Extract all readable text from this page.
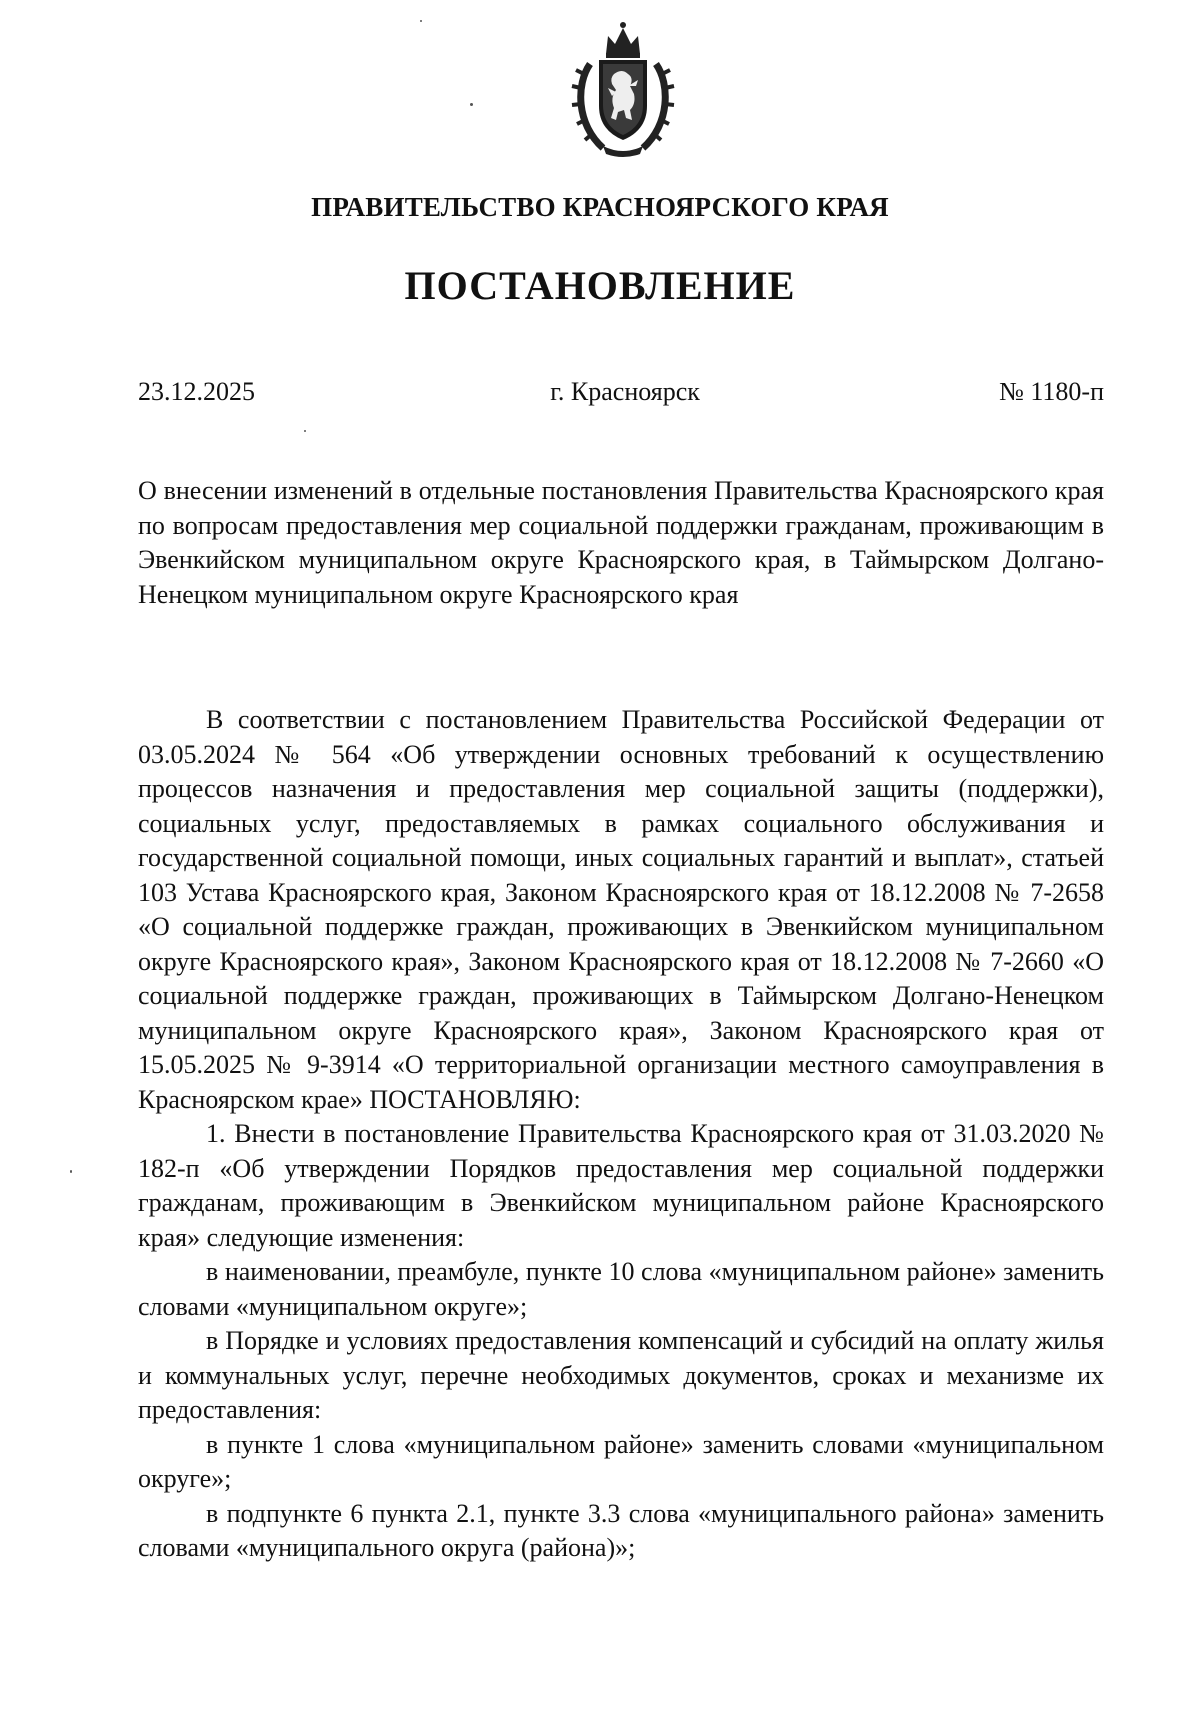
ПРАВИТЕЛЬСТВО КРАСНОЯРСКОГО КРАЯ
ПОСТАНОВЛЕНИЕ
23.12.2025	г. Красноярск	№ 1180-п
О внесении изменений в отдельные постановления Правительства Красноярского края по вопросам предоставления мер социальной поддержки гражданам, проживающим в Эвенкийском муниципальном округе Красноярского края, в Таймырском Долгано-Ненецком муниципальном округе Красноярского края

В соответствии с постановлением Правительства Российской Федерации от 03.05.2024 № 564 «Об утверждении основных требований к осуществлению процессов назначения и предоставления мер социальной защиты (поддержки), социальных услуг, предоставляемых в рамках социального обслуживания и государственной социальной помощи, иных социальных гарантий и выплат», статьей 103 Устава Красноярского края, Законом Красноярского края от 18.12.2008 № 7-2658 «О социальной поддержке граждан, проживающих в Эвенкийском муниципальном округе Красноярского края», Законом Красноярского края от 18.12.2008 № 7-2660 «О социальной поддержке граждан, проживающих в Таймырском Долгано-Ненецком муниципальном округе Красноярского края», Законом Красноярского края от 15.05.2025 № 9-3914 «О территориальной организации местного самоуправления в Красноярском крае» ПОСТАНОВЛЯЮ:

1. Внести в постановление Правительства Красноярского края от 31.03.2020 № 182-п «Об утверждении Порядков предоставления мер социальной поддержки гражданам, проживающим в Эвенкийском муниципальном районе Красноярского края» следующие изменения:

в наименовании, преамбуле, пункте 10 слова «муниципальном районе» заменить словами «муниципальном округе»;

в Порядке и условиях предоставления компенсаций и субсидий на оплату жилья и коммунальных услуг, перечне необходимых документов, сроках и механизме их предоставления:

в пункте 1 слова «муниципальном районе» заменить словами «муниципальном округе»;

в подпункте 6 пункта 2.1, пункте 3.3 слова «муниципального района» заменить словами «муниципального округа (района)»;
